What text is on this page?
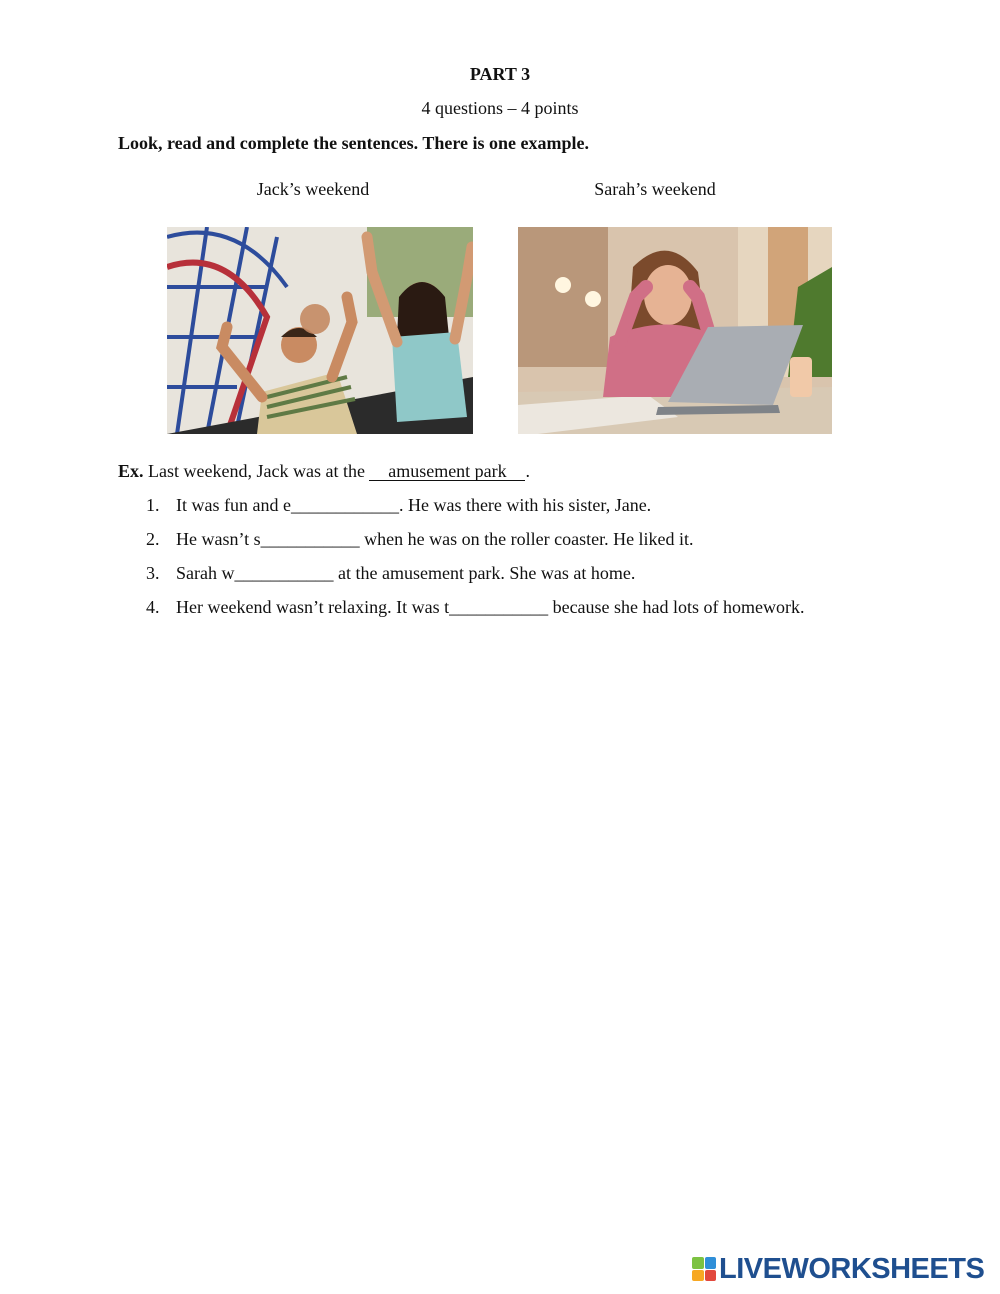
PART 3
4 questions – 4 points
Look, read and complete the sentences. There is one example.
Jack’s weekend	Sarah’s weekend
Ex. Last weekend, Jack was at the amusement park .
1. It was fun and e____________. He was there with his sister, Jane.
2. He wasn’t s___________ when he was on the roller coaster. He liked it.
3. Sarah w___________ at the amusement park. She was at home.
4. Her weekend wasn’t relaxing. It was t___________ because she had lots of homework.
LIVEWORKSHEETS
